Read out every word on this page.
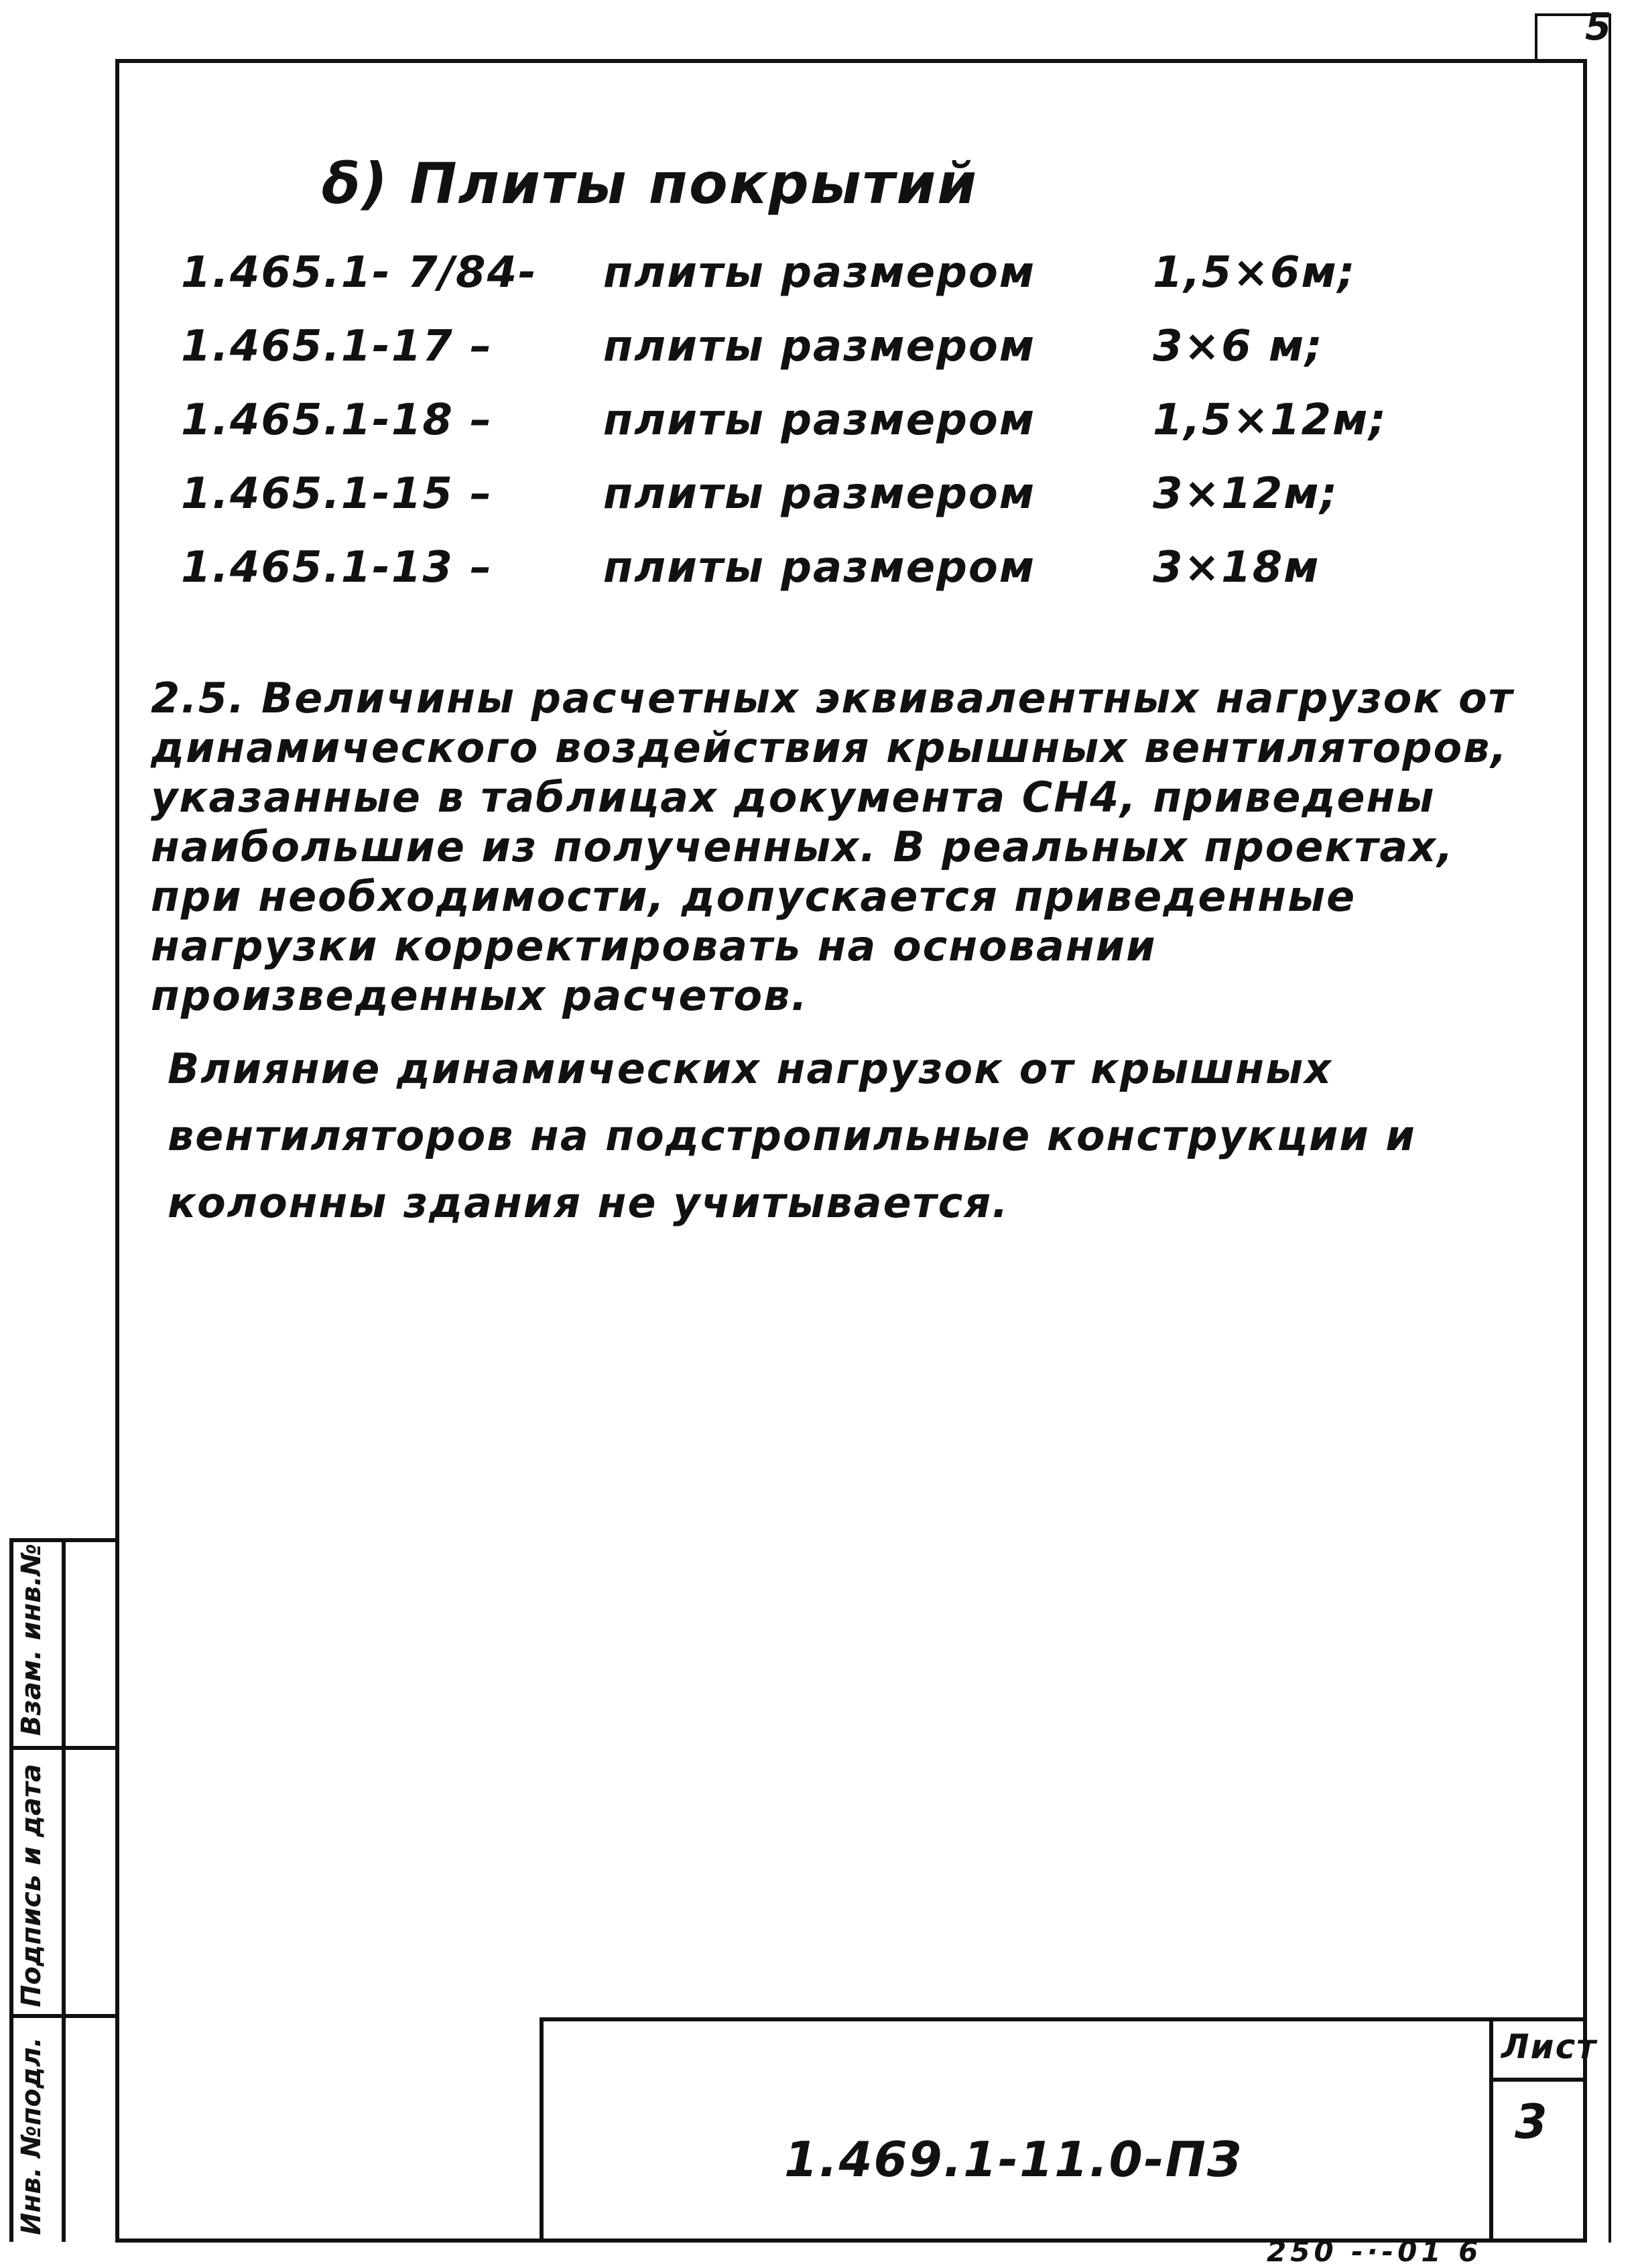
5
δ) Плиты покрытий
1.465.1- 7/84- плиты размером	1,5×6м;
1.465.1-17 –	плиты размером	3×6 м;
1.465.1-18 –	плиты размером	1,5×12м;
1.465.1-15 –	плиты размером	3×12м;
1.465.1-13 –	плиты размером	3×18м
2.5. Величины расчетных эквивалентных нагрузок от динамического воздействия крышных вентиляторов, указанные в таблицах документа СН4, приведены наибольшие из полученных. В реальных проектах, при необходимости, допускается приведенные нагрузки корректировать на основании произведенных расчетов.
Влияние динамических нагрузок от крышных вентиляторов на подстропильные конструкции и колонны здания не учитывается.
Взам. инв.№
Подпись и дата
Инв. №подл.	1.469.1-11.0-ПЗ
Лист
3
250 -·-01 6
